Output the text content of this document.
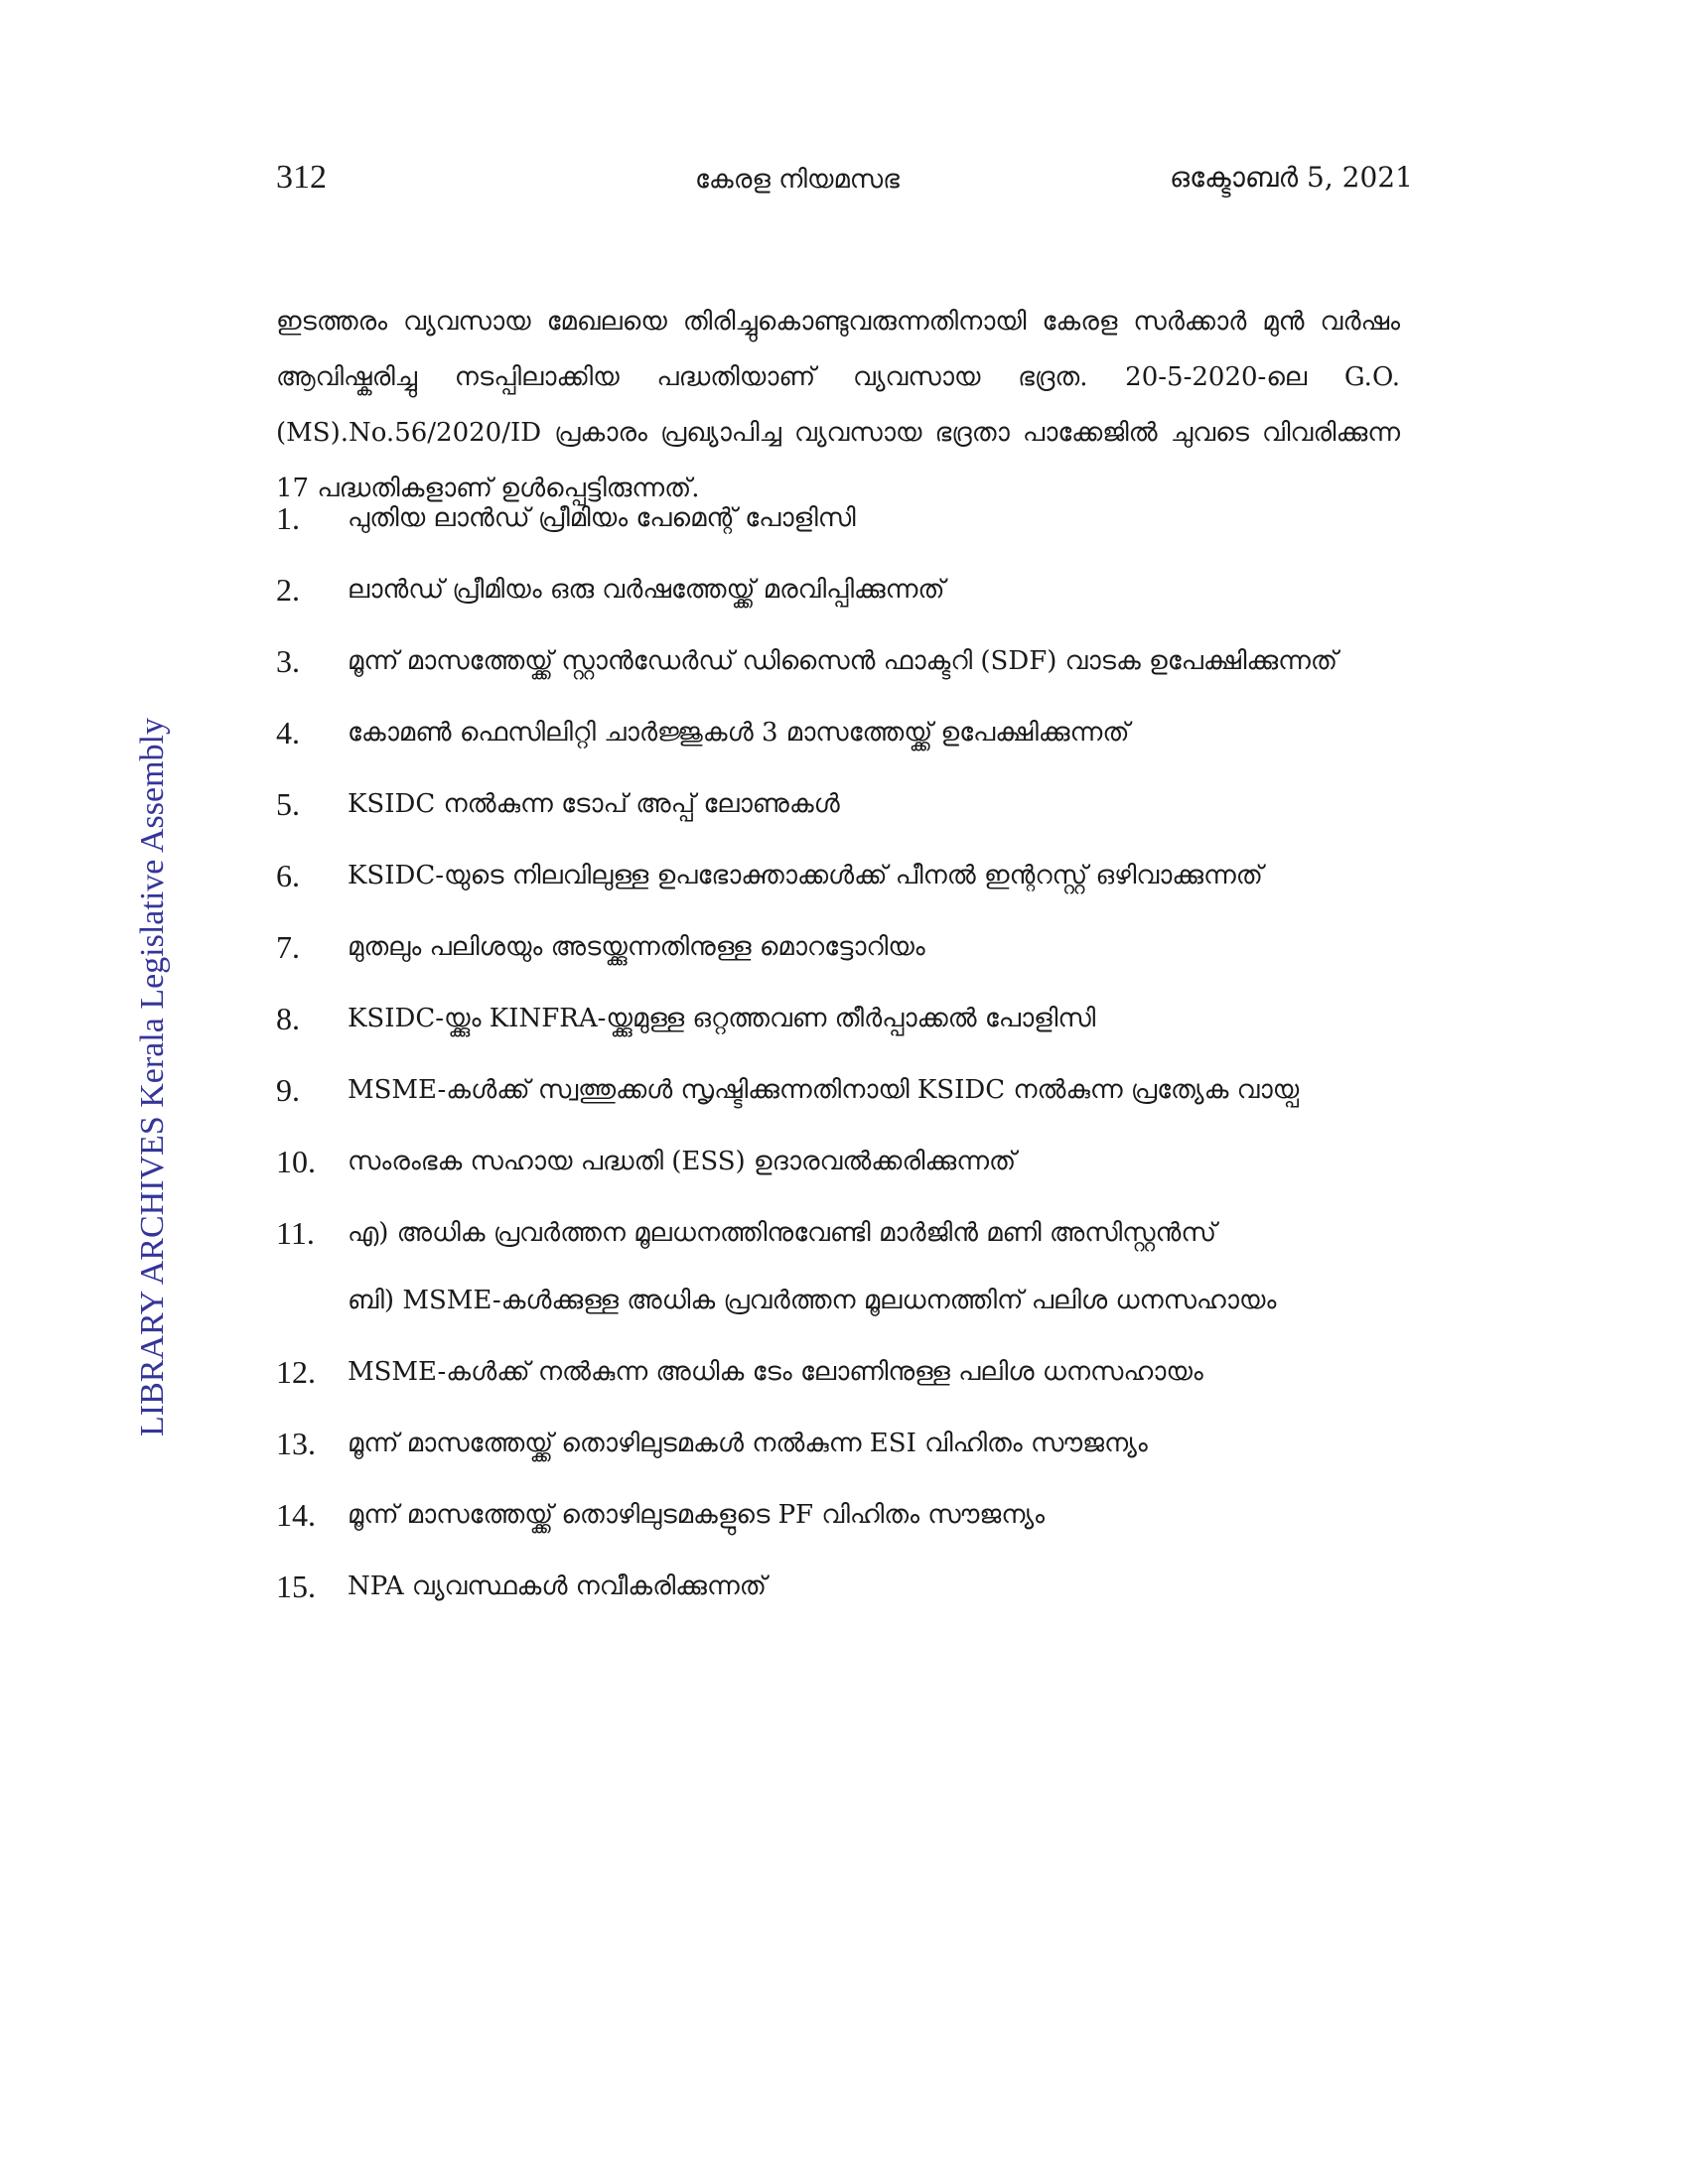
312	കേരള നിയമസഭ	ഒക്ടോബർ 5, 2021
LIBRARY ARCHIVES Kerala Legislative Assembly

ഇടത്തരം വ്യവസായ മേഖലയെ തിരിച്ചുകൊണ്ടുവരുന്നതിനായി കേരള സർക്കാർ മുൻ വർഷം ആവിഷ്കരിച്ചു നടപ്പിലാക്കിയ പദ്ധതിയാണ് വ്യവസായ ഭദ്രത. 20-5-2020-ലെ G.O.(MS).No.56/2020/ID പ്രകാരം പ്രഖ്യാപിച്ച വ്യവസായ ഭദ്രതാ പാക്കേജിൽ ചുവടെ വിവരിക്കുന്ന 17 പദ്ധതികളാണ് ഉൾപ്പെട്ടിരുന്നത്.

1.	പുതിയ ലാൻഡ് പ്രീമിയം പേമെന്റ് പോളിസി
2.	ലാൻഡ് പ്രീമിയം ഒരു വർഷത്തേയ്ക്ക് മരവിപ്പിക്കുന്നത്
3.	മൂന്ന് മാസത്തേയ്ക്ക് സ്റ്റാൻഡേർഡ് ഡിസൈൻ ഫാക്ടറി (SDF) വാടക ഉപേക്ഷിക്കുന്നത്
4.	കോമൺ ഫെസിലിറ്റി ചാർജ്ജുകൾ 3 മാസത്തേയ്ക്ക് ഉപേക്ഷിക്കുന്നത്
5.	KSIDC നൽകുന്ന ടോപ് അപ്പ് ലോണുകൾ
6.	KSIDC-യുടെ നിലവിലുള്ള ഉപഭോക്താക്കൾക്ക് പീനൽ ഇന്ററസ്റ്റ് ഒഴിവാക്കുന്നത്
7.	മുതലും പലിശയും അടയ്ക്കുന്നതിനുള്ള മൊറട്ടോറിയം
8.	KSIDC-യ്ക്കും KINFRA-യ്ക്കുമുള്ള ഒറ്റത്തവണ തീർപ്പാക്കൽ പോളിസി
9.	MSME-കൾക്ക് സ്വത്തുക്കൾ സൃഷ്ടിക്കുന്നതിനായി KSIDC നൽകുന്ന പ്രത്യേക വായ്പ
10.	സംരംഭക സഹായ പദ്ധതി (ESS) ഉദാരവൽക്കരിക്കുന്നത്
11.	എ) അധിക പ്രവർത്തന മൂലധനത്തിനുവേണ്ടി മാർജിൻ മണി അസിസ്റ്റൻസ്
ബി) MSME-കൾക്കുള്ള അധിക പ്രവർത്തന മൂലധനത്തിന് പലിശ ധനസഹായം
12.	MSME-കൾക്ക് നൽകുന്ന അധിക ടേം ലോണിനുള്ള പലിശ ധനസഹായം
13.	മൂന്ന് മാസത്തേയ്ക്ക് തൊഴിലുടമകൾ നൽകുന്ന ESI വിഹിതം സൗജന്യം
14.	മൂന്ന് മാസത്തേയ്ക്ക് തൊഴിലുടമകളുടെ PF വിഹിതം സൗജന്യം
15.	NPA വ്യവസ്ഥകൾ നവീകരിക്കുന്നത്
